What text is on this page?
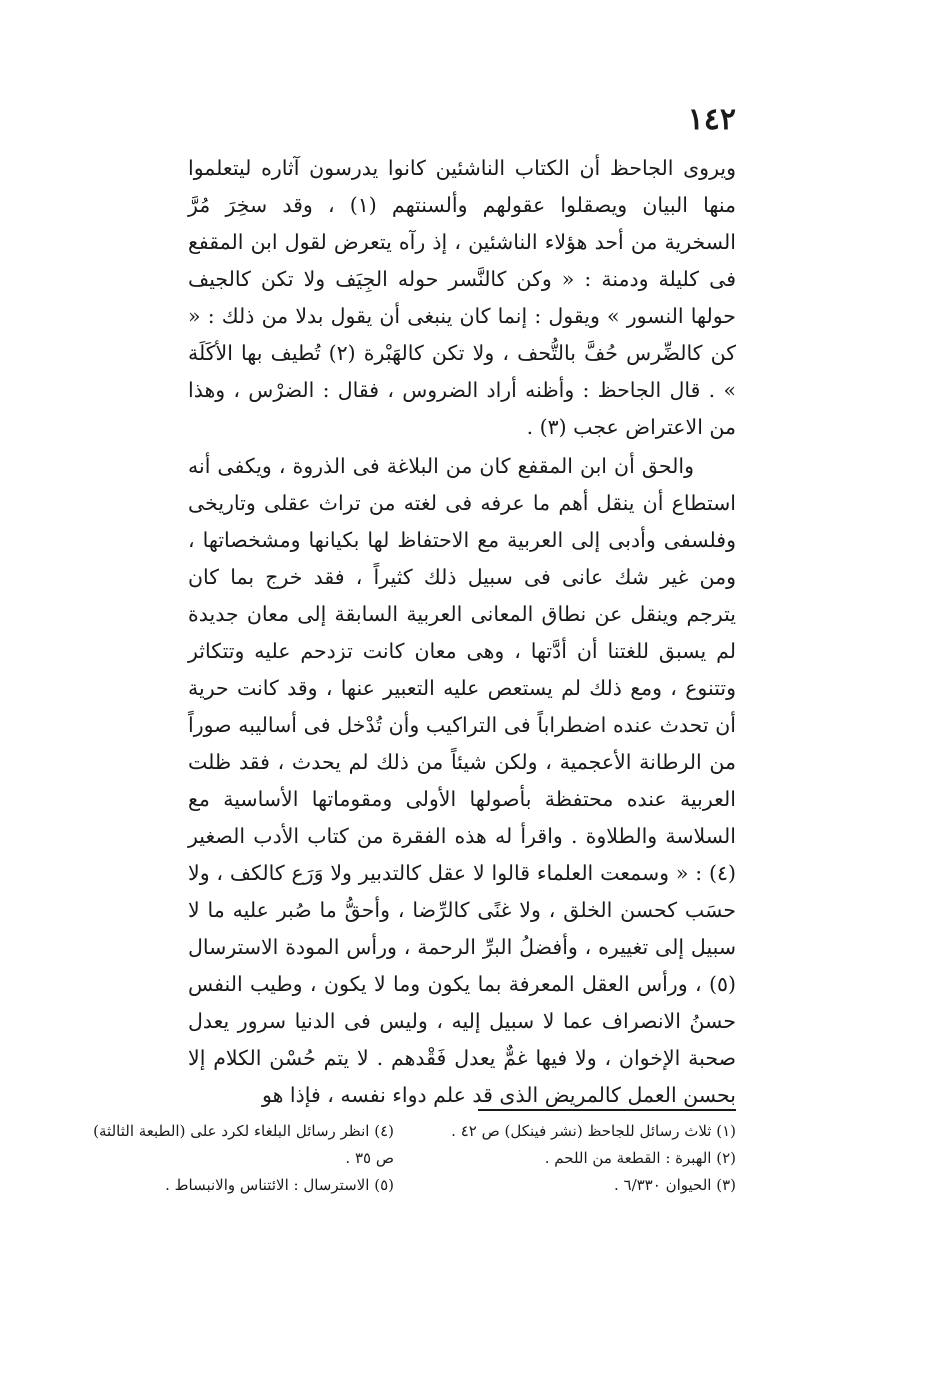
١٤٢

ويروى الجاحظ أن الكتاب الناشئين كانوا يدرسون آثاره ليتعلموا منها البيان ويصقلوا عقولهم وألسنتهم (١) ، وقد سخِرَ مُرَّ السخرية من أحد هؤلاء الناشئين ، إذ رآه يتعرض لقول ابن المقفع فى كليلة ودمنة : « وكن كالنَّسر حوله الجِيَف ولا تكن كالجيف حولها النسور » ويقول : إنما كان ينبغى أن يقول بدلا من ذلك : « كن كالضِّرس حُفَّ بالتُّحف ، ولا تكن كالهَبْرة (٢) تُطيف بها الأكَلَة » . قال الجاحظ : وأظنه أراد الضروس ، فقال : الضرْس ، وهذا من الاعتراض عجب (٣) .

والحق أن ابن المقفع كان من البلاغة فى الذروة ، ويكفى أنه استطاع أن ينقل أهم ما عرفه فى لغته من تراث عقلى وتاريخى وفلسفى وأدبى إلى العربية مع الاحتفاظ لها بكيانها ومشخصاتها ، ومن غير شك عانى فى سبيل ذلك كثيراً ، فقد خرج بما كان يترجم وينقل عن نطاق المعانى العربية السابقة إلى معان جديدة لم يسبق للغتنا أن أدَّتها ، وهى معان كانت تزدحم عليه وتتكاثر وتتنوع ، ومع ذلك لم يستعص عليه التعبير عنها ، وقد كانت حرية أن تحدث عنده اضطراباً فى التراكيب وأن تُدْخل فى أساليبه صوراً من الرطانة الأعجمية ، ولكن شيئاً من ذلك لم يحدث ، فقد ظلت العربية عنده محتفظة بأصولها الأولى ومقوماتها الأساسية مع السلاسة والطلاوة . واقرأ له هذه الفقرة من كتاب الأدب الصغير (٤) : « وسمعت العلماء قالوا لا عقل كالتدبير ولا وَرَع كالكف ، ولا حسَب كحسن الخلق ، ولا غنًى كالرِّضا ، وأحقُّ ما صُبر عليه ما لا سبيل إلى تغييره ، وأفضلُ البرِّ الرحمة ، ورأس المودة الاسترسال (٥) ، ورأس العقل المعرفة بما يكون وما لا يكون ، وطيب النفس حسنُ الانصراف عما لا سبيل إليه ، وليس فى الدنيا سرور يعدل صحبة الإخوان ، ولا فيها غمٌّ يعدل فَقْدهم . لا يتم حُسْن الكلام إلا بحسن العمل كالمريض الذى قد علم دواء نفسه ، فإذا هو

(١) ثلاث رسائل للجاحظ (نشر فينكل) ص ٤٢ .

(٢) الهبرة : القطعة من اللحم .

(٣) الحيوان ٦/٣٣٠ .

(٤) انظر رسائل البلغاء لكرد على (الطبعة الثالثة) ص ٣٥ .

(٥) الاسترسال : الائتناس والانبساط .
